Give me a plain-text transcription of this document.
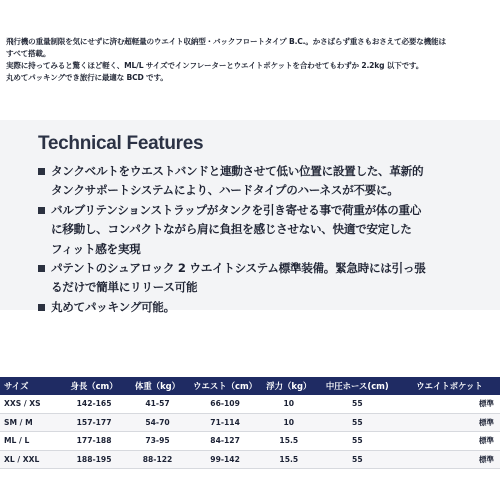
飛行機の重量制限を気にせずに済む超軽量のウエイト収納型・バックフロートタイプ B.C.。かさばらず重さもおさえて必要な機能は
すべて搭載。
実際に持ってみると驚くほど軽く、ML/L サイズでインフレーターとウエイトポケットを合わせてもわずか 2.2kg 以下です。
丸めてパッキングでき旅行に最適な BCD です。
Technical Features
タンクベルトをウエストバンドと連動させて低い位置に設置した、革新的
タンクサポートシステムにより、ハードタイプのハーネスが不要に。
バルブリテンションストラップがタンクを引き寄せる事で荷重が体の重心
に移動し、コンパクトながら肩に負担を感じさせない、快適で安定した
フィット感を実現
パテントのシュアロック 2 ウエイトシステム標準装備。緊急時には引っ張
るだけで簡単にリリース可能
丸めてパッキング可能。
サイズ	身長（cm）	体重（kg）	ウエスト（cm）	浮力（kg）	中圧ホース(cm)	ウエイトポケット
XXS / XS	142-165	41-57	66-109	10	55	標準
SM / M	157-177	54-70	71-114	10	55	標準
ML / L	177-188	73-95	84-127	15.5	55	標準
XL / XXL	188-195	88-122	99-142	15.5	55	標準
